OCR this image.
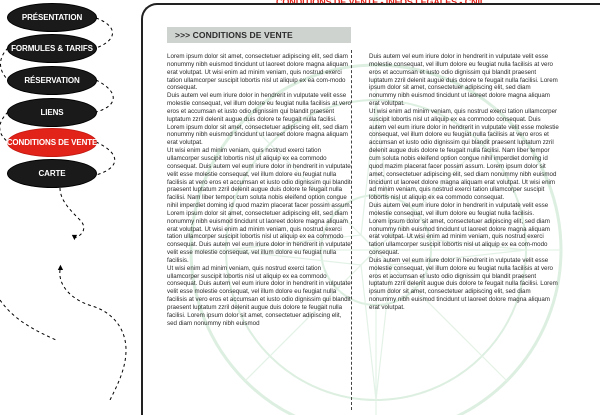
PRÉSENTATION
FORMULES & TARIFS
RÉSERVATION
LIENS
CONDITIONS DE VENTE
CARTE
▼
▲
>>> CONDITIONS DE VENTE

Lorem ipsum dolor sit amet, consectetuer adipiscing elit, sed diam nonummy nibh euismod tincidunt ut laoreet dolore magna aliquam erat volutpat. Ut wisi enim ad minim veniam, quis nostrud exerci tation ullamcorper suscipit lobortis nisl ut aliquip ex ea com-modo consequat.
Duis autem vel eum iriure dolor in hendrerit in vulputate velit esse molestie consequat, vel illum dolore eu feugiat nulla facilisis at vero eros et accumsan et iusto odio dignissim qui blandit praesent luptatum zzril delenit augue duis dolore te feugait nulla facilisi. Lorem ipsum dolor sit amet, consectetuer adipiscing elit, sed diam nonummy nibh euismod tincidunt ut laoreet dolore magna aliquam erat volutpat.
Ut wisi enim ad minim veniam, quis nostrud exerci tation ullamcorper suscipit lobortis nisl ut aliquip ex ea commodo consequat. Duis autem vel eum iriure dolor in hendrerit in vulputate velit esse molestie consequat, vel illum dolore eu feugiat nulla facilisis at vero eros et accumsan et iusto odio dignissim qui blandit praesent luptatum zzril delenit augue duis dolore te feugait nulla facilisi. Nam liber tempor cum soluta nobis eleifend option congue nihil imperdiet doming id quod mazim placerat facer possim assum. Lorem ipsum dolor sit amet, consectetuer adipiscing elit, sed diam nonummy nibh euismod tincidunt ut laoreet dolore magna aliquam erat volutpat. Ut wisi enim ad minim veniam, quis nostrud exerci tation ullamcorper suscipit lobortis nisl ut aliquip ex ea commodo consequat. Duis autem vel eum iriure dolor in hendrerit in vulputate velit esse molestie consequat, vel illum dolore eu feugiat nulla facilisis.
Ut wisi enim ad minim veniam, quis nostrud exerci tation ullamcorper suscipit lobortis nisl ut aliquip ex ea commodo consequat. Duis autem vel eum iriure dolor in hendrerit in vulputate velit esse molestie consequat, vel illum dolore eu feugiat nulla facilisis at vero eros et accumsan et iusto odio dignissim qui blandit praesent luptatum zzril delenit augue duis dolore te feugait nulla facilisi. Lorem ipsum dolor sit amet, consectetuer adipiscing elit, sed diam nonummy nibh euismod

Duis autem vel eum iriure dolor in hendrerit in vulputate velit esse molestie consequat, vel illum dolore eu feugiat nulla facilisis at vero eros et accumsan et iusto odio dignissim qui blandit praesent luptatum zzril delenit augue duis dolore te feugait nulla facilisi. Lorem ipsum dolor sit amet, consectetuer adipiscing elit, sed diam nonummy nibh euismod tincidunt ut laoreet dolore magna aliquam erat volutpat.
Ut wisi enim ad minim veniam, quis nostrud exerci tation ullamcorper suscipit lobortis nisl ut aliquip ex ea commodo consequat. Duis autem vel eum iriure dolor in hendrerit in vulputate velit esse molestie consequat, vel illum dolore eu feugiat nulla facilisis at vero eros et accumsan et iusto odio dignissim qui blandit praesent luptatum zzril delenit augue duis dolore te feugait nulla facilisi. Nam liber tempor cum soluta nobis eleifend option congue nihil imperdiet doming id quod mazim placerat facer possim assum. Lorem ipsum dolor sit amet, consectetuer adipiscing elit, sed diam nonummy nibh euismod tincidunt ut laoreet dolore magna aliquam erat volutpat. Ut wisi enim ad minim veniam, quis nostrud exerci tation ullamcorper suscipit lobortis nisl ut aliquip ex ea commodo consequat.
Duis autem vel eum iriure dolor in hendrerit in vulputate velit esse molestie consequat, vel illum dolore eu feugiat nulla facilisis.
Lorem ipsum dolor sit amet, consectetuer adipiscing elit, sed diam nonummy nibh euismod tincidunt ut laoreet dolore magna aliquam erat volutpat. Ut wisi enim ad minim veniam, quis nostrud exerci tation ullamcorper suscipit lobortis nisl ut aliquip ex ea com-modo consequat.
Duis autem vel eum iriure dolor in hendrerit in vulputate velit esse molestie consequat, vel illum dolore eu feugiat nulla facilisis at vero eros et accumsan et iusto odio dignissim qui blandit praesent luptatum zzril delenit augue duis dolore te feugait nulla facilisi. Lorem ipsum dolor sit amet, consectetuer adipiscing elit, sed diam nonummy nibh euismod tincidunt ut laoreet dolore magna aliquam erat volutpat.
